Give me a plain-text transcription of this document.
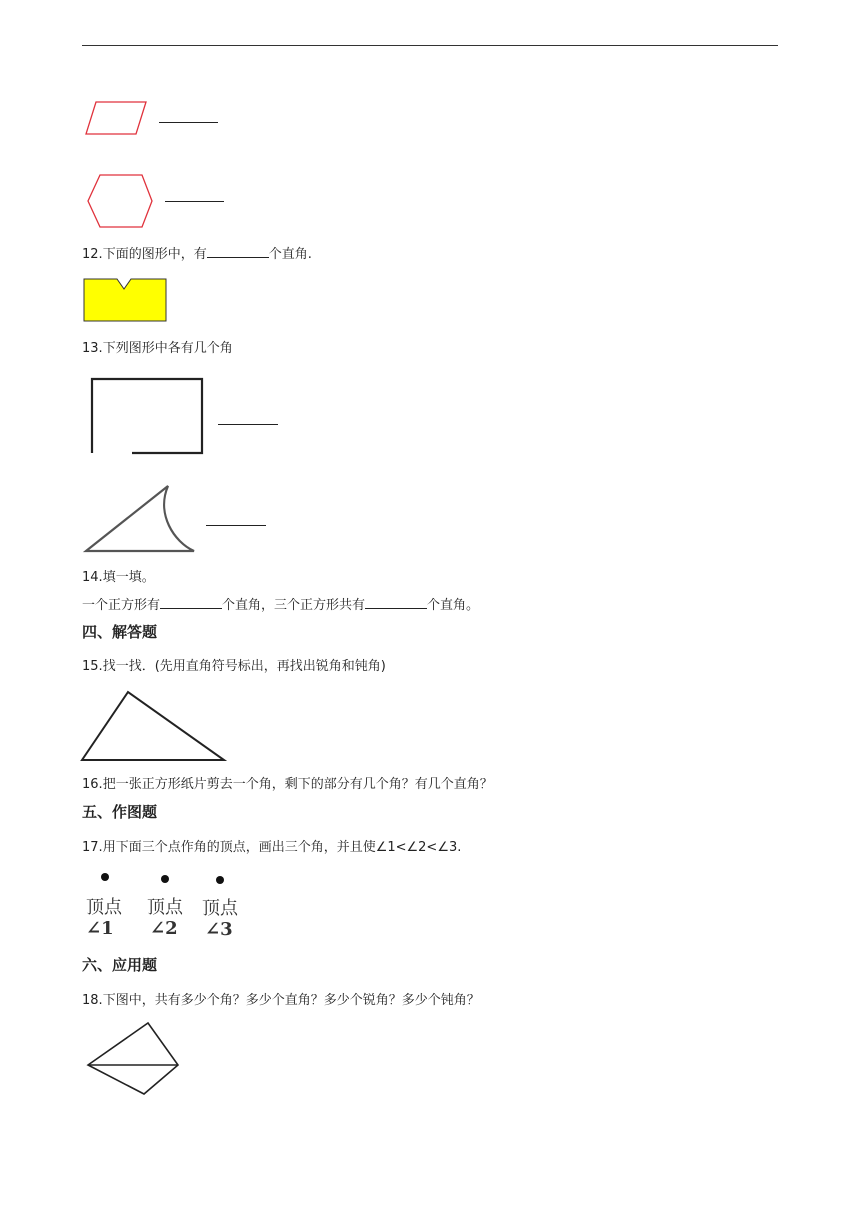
12.下面的图形中，有	个直角.
13.下列图形中各有几个角
14.填一填。
一个正方形有	个直角，三个正方形共有	个直角。
四、解答题
15.找一找．(先用直角符号标出，再找出锐角和钝角)
16.把一张正方形纸片剪去一个角，剩下的部分有几个角？有几个直角？
五、作图题
17.用下面三个点作角的顶点，画出三个角，并且使∠1<∠2<∠3.
顶点 顶点 顶点
∠1 ∠2 ∠3
六、应用题
18.下图中，共有多少个角？多少个直角？多少个锐角？多少个钝角？
